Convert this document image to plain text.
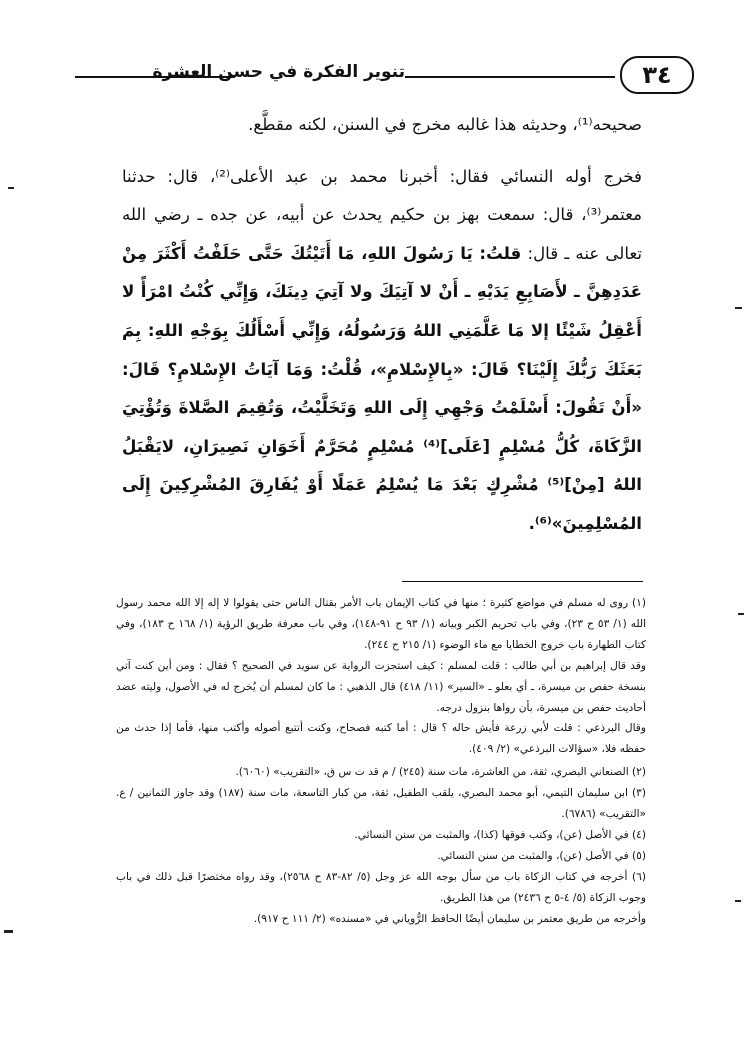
تنوير الفكرة في حسن العشرة	٣٤

صحيحه⁽¹⁾، وحديثه هذا غالبه مخرج في السنن، لكنه مقطَّع.

فخرج أوله النسائي فقال: أخبرنا محمد بن عبد الأعلى⁽²⁾، قال: حدثنا معتمر⁽³⁾، قال: سمعت بهز بن حكيم يحدث عن أبيه، عن جده ـ رضي الله تعالى عنه ـ قال: قلتُ: يَا رَسُولَ اللهِ، مَا أَتَيْتُكَ حَتَّى حَلَفْتُ أَكْثَرَ مِنْ عَدَدِهِنَّ ـ لأَصَابِعِ يَدَيْهِ ـ أَنْ لا آتِيَكَ ولا آتِيَ دِينَكَ، وَإِنِّي كُنْتُ امْرَأً لا أَعْقِلُ شَيْئًا إلا مَا عَلَّمَنِي اللهُ وَرَسُولُهُ، وَإِنِّي أَسْأَلُكَ بِوَجْهِ اللهِ: بِمَ بَعَثَكَ رَبُّكَ إِلَيْنَا؟ قَالَ: «بِالإِسْلامِ»، قُلْتُ: وَمَا آيَاتُ الإِسْلامِ؟ قَالَ: «أَنْ تَقُولَ: أَسْلَمْتُ وَجْهِي إِلَى اللهِ وَتَخَلَّيْتُ، وَتُقِيمَ الصَّلاةَ وَتُؤْتِيَ الزَّكَاةَ، كُلُّ مُسْلِمٍ [عَلَى]⁽⁴⁾ مُسْلِمٍ مُحَرَّمٌ أَخَوَانِ نَصِيرَانِ، لايَقْبَلُ اللهُ [مِنْ]⁽⁵⁾ مُشْرِكٍ بَعْدَ مَا يُسْلِمُ عَمَلًا أَوْ يُفَارِقَ المُشْرِكِينَ إِلَى المُسْلِمِينَ»⁽⁶⁾.

(١) روى له مسلم في مواضع كثيرة ؛ منها في كتاب الإيمان باب الأمر بقتال الناس حتى يقولوا لا إله إلا الله محمد رسول الله (١/ ٥٣ ح ٢٣)، وفي باب تحريم الكبر وبيانه (١/ ٩٣ ح ٩١-١٤٨)، وفي باب معرفة طريق الرؤية (١/ ١٦٨ ح ١٨٣)، وفي كتاب الطهارة باب خروج الخطايا مع ماء الوضوء (١/ ٢١٥ ح ٢٤٤).

وقد قال إبراهيم بن أبي طالب : قلت لمسلم : كيف استجزت الرواية عن سويد في الصحيح ؟ فقال : ومن أين كنت آتي بنسخة حفص بن ميسرة، ـ أي بعلو ـ «السير» (١١/ ٤١٨) قال الذهبي : ما كان لمسلم أن يُخرج له في الأصول، وليته عضد أحاديث حفص بن ميسرة، بأن رواها بنزول درجه.

وقال البرذعي : قلت لأبي زرعة فأيش حاله ؟ قال : أما كتبه فصحاح، وكنت أتتبع أصوله وأكتب منها، فأما إذا حدث من حفظه فلا، «سؤالات البرذعي» (٢/ ٤٠٩).

(٢) الصنعاني البصري، ثقة، من العاشرة، مات سنة (٢٤٥) / م قد ت س ق، «التقريب» (٦٠٦٠).

(٣) ابن سليمان التيمي، أبو محمد البصري، يلقب الطفيل، ثقة، من كبار التاسعة، مات سنة (١٨٧) وقد جاوز الثمانين / ع. «التقريب» (٦٧٨٦).

(٤) في الأصل (عن)، وكتب فوقها (كذا)، والمثبت من سنن النسائي.

(٥) في الأصل (عن)، والمثبت من سنن النسائي.

(٦) أخرجه في كتاب الزكاة باب من سأل بوجه الله عز وجل (٥/ ٨٢-٨٣ ح ٢٥٦٨)، وقد رواه مختصرًا قبل ذلك في باب وجوب الزكاة (٥/ ٤-٥ ح ٢٤٣٦) من هذا الطريق.

وأخرجه من طريق معتمر بن سليمان أيضًا الحافظ الرُّوياني في «مسنده» (٢/ ١١١ ح ٩١٧).
